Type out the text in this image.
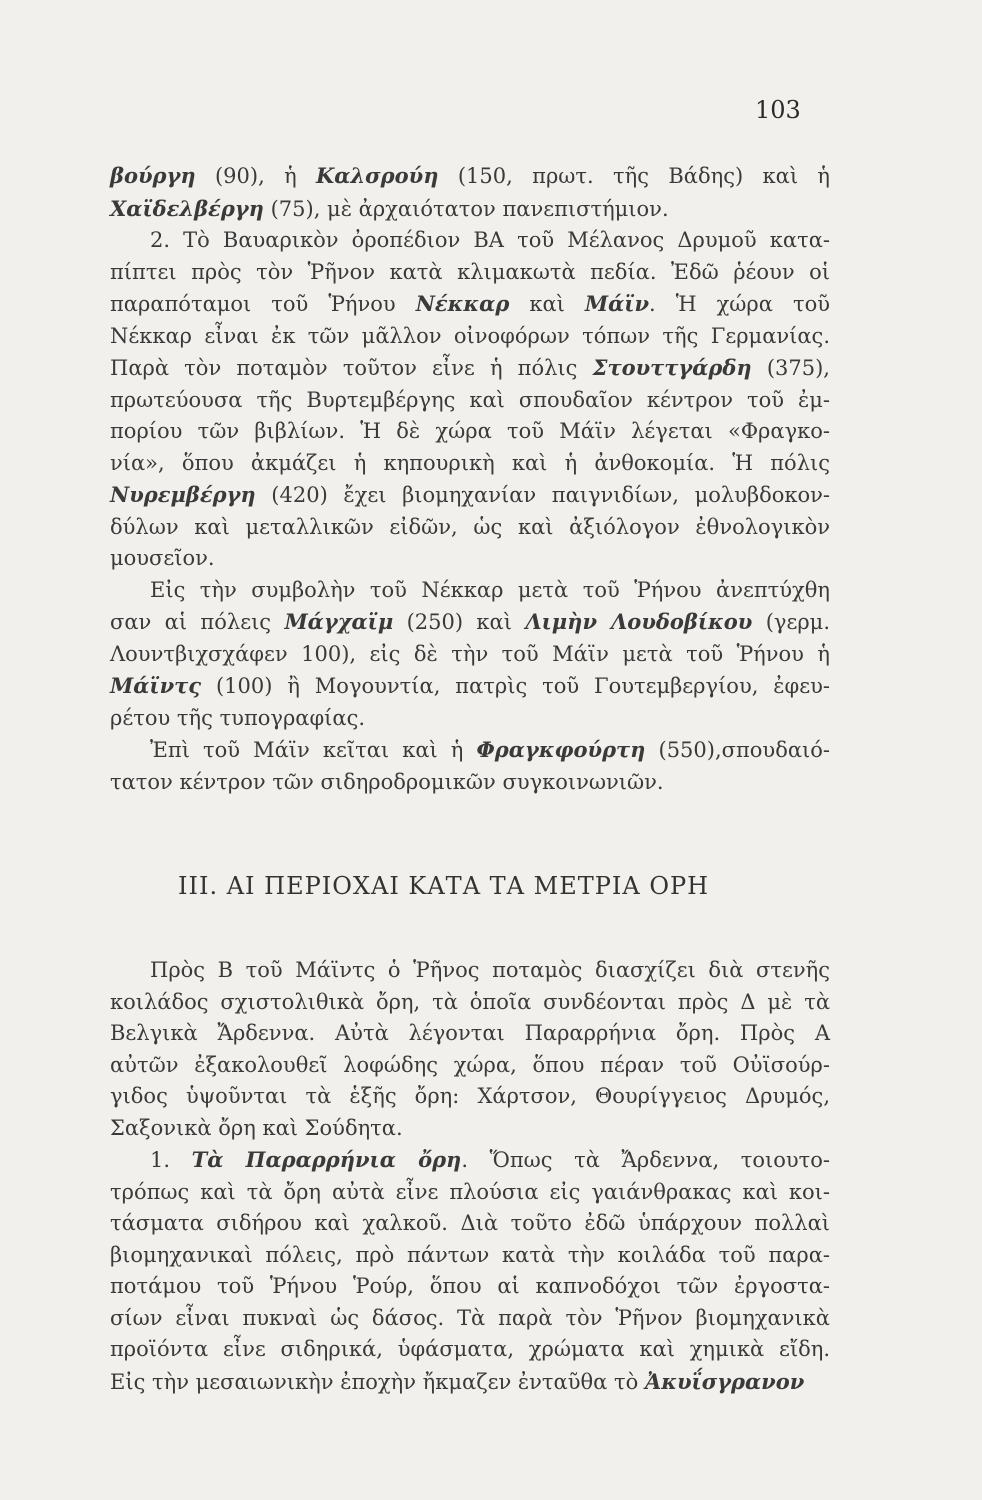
103
βούργη (90), ἡ Καλσρούη (150, πρωτ. τῆς Βάδης) καὶ ἡ
Χαϊδελβέργη (75), μὲ ἀρχαιότατον πανεπιστήμιον.
2. Τὸ Βαυαρικὸν ὀροπέδιον ΒΑ τοῦ Μέλανος Δρυμοῦ κατα-
πίπτει πρὸς τὸν Ῥῆνον κατὰ κλιμακωτὰ πεδία. Ἐδῶ ῥέουν οἱ
παραπόταμοι τοῦ Ῥήνου Νέκκαρ καὶ Μάϊν. Ἡ χώρα τοῦ
Νέκκαρ εἶναι ἐκ τῶν μᾶλλον οἰνοφόρων τόπων τῆς Γερμανίας.
Παρὰ τὸν ποταμὸν τοῦτον εἶνε ἡ πόλις Στουττγάρδη (375),
πρωτεύουσα τῆς Βυρτεμβέργης καὶ σπουδαῖον κέντρον τοῦ ἐμ-
πορίου τῶν βιβλίων. Ἡ δὲ χώρα τοῦ Μάϊν λέγεται «Φραγκο-
νία», ὅπου ἀκμάζει ἡ κηπουρικὴ καὶ ἡ ἀνθοκομία. Ἡ πόλις
Νυρεμβέργη (420) ἔχει βιομηχανίαν παιγνιδίων, μολυβδοκον-
δύλων καὶ μεταλλικῶν εἰδῶν, ὡς καὶ ἀξιόλογον ἐθνολογικὸν
μουσεῖον.
Εἰς τὴν συμβολὴν τοῦ Νέκκαρ μετὰ τοῦ Ῥήνου ἀνεπτύχθη
σαν αἱ πόλεις Μάγχαϊμ (250) καὶ Λιμὴν Λουδοβίκου (γερμ.
Λουντβιχσχάφεν 100), εἰς δὲ τὴν τοῦ Μάϊν μετὰ τοῦ Ῥήνου ἡ
Μάϊντς (100) ἢ Μογουντία, πατρὶς τοῦ Γουτεμβεργίου, ἐφευ-
ρέτου τῆς τυπογραφίας.
Ἐπὶ τοῦ Μάϊν κεῖται καὶ ἡ Φραγκφούρτη (550),σπουδαιό-
τατον κέντρον τῶν σιδηροδρομικῶν συγκοινωνιῶν.
ΙΙΙ. ΑΙ ΠΕΡΙΟΧΑΙ ΚΑΤΑ ΤΑ ΜΕΤΡΙΑ ΟΡΗ
Πρὸς Β τοῦ Μάϊντς ὁ Ῥῆνος ποταμὸς διασχίζει διὰ στενῆς
κοιλάδος σχιστολιθικὰ ὄρη, τὰ ὁποῖα συνδέονται πρὸς Δ μὲ τὰ
Βελγικὰ Ἄρδεννα. Αὐτὰ λέγονται Παραρρήνια ὄρη. Πρὸς Α
αὐτῶν ἐξακολουθεῖ λοφώδης χώρα, ὅπου πέραν τοῦ Οὐϊσούρ-
γιδος ὑψοῦνται τὰ ἑξῆς ὄρη: Χάρτσον, Θουρίγγειος Δρυμός,
Σαξονικὰ ὄρη καὶ Σούδητα.
1. Τὰ Παραρρήνια ὄρη. Ὅπως τὰ Ἄρδεννα, τοιουτο-
τρόπως καὶ τὰ ὄρη αὐτὰ εἶνε πλούσια εἰς γαιάνθρακας καὶ κοι-
τάσματα σιδήρου καὶ χαλκοῦ. Διὰ τοῦτο ἐδῶ ὑπάρχουν πολλαὶ
βιομηχανικαὶ πόλεις, πρὸ πάντων κατὰ τὴν κοιλάδα τοῦ παρα-
ποτάμου τοῦ Ῥήνου Ῥούρ, ὅπου αἱ καπνοδόχοι τῶν ἐργοστα-
σίων εἶναι πυκναὶ ὡς δάσος. Τὰ παρὰ τὸν Ῥῆνον βιομηχανικὰ
προϊόντα εἶνε σιδηρικά, ὑφάσματα, χρώματα καὶ χημικὰ εἴδη.
Εἰς τὴν μεσαιωνικὴν ἐποχὴν ἤκμαζεν ἐνταῦθα τὸ Ἀκυΐσγρανον
